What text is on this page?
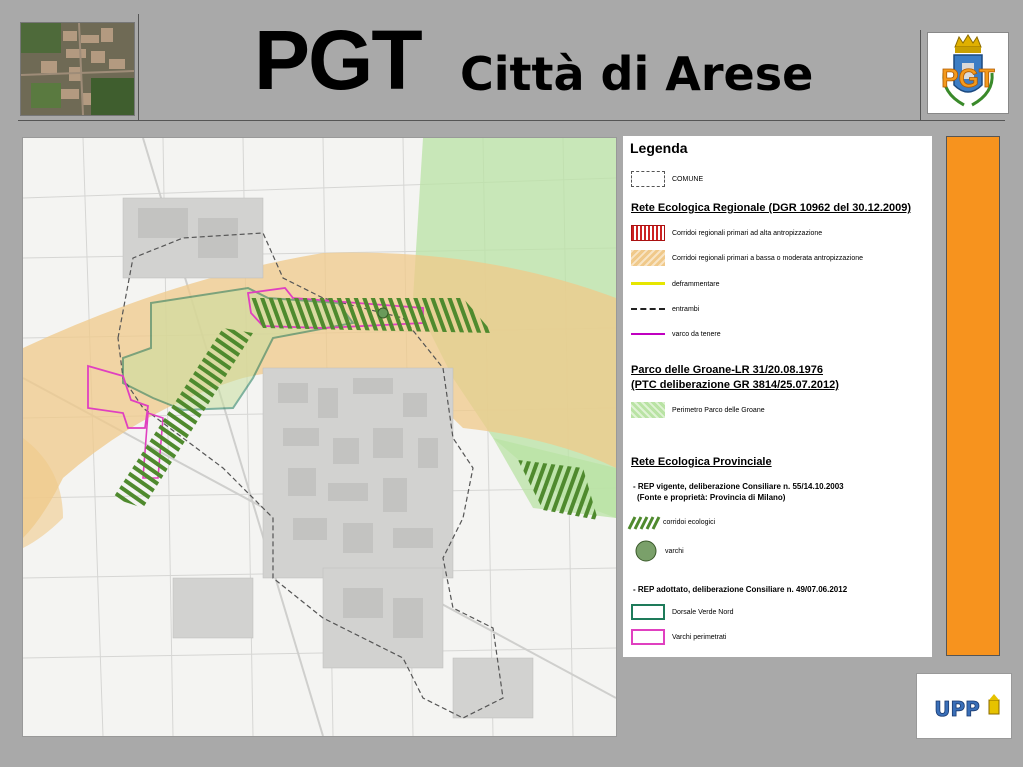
PGT Città di Arese	PGT
Legenda
COMUNE
Rete Ecologica Regionale (DGR 10962 del 30.12.2009)
Corridoi regionali primari ad alta antropizzazione
Corridoi regionali primari a bassa o moderata antropizzazione
deframmentare
entrambi
varco da tenere
Parco delle Groane-LR 31/20.08.1976
(PTC deliberazione GR 3814/25.07.2012)
Perimetro Parco delle Groane
Rete Ecologica Provinciale
- REP vigente, deliberazione Consiliare n. 55/14.10.2003
(Fonte e proprietà: Provincia di Milano)
corridoi ecologici
varchi
- REP adottato, deliberazione Consiliare n. 49/07.06.2012
Dorsale Verde Nord
Varchi perimetrati
UPP
